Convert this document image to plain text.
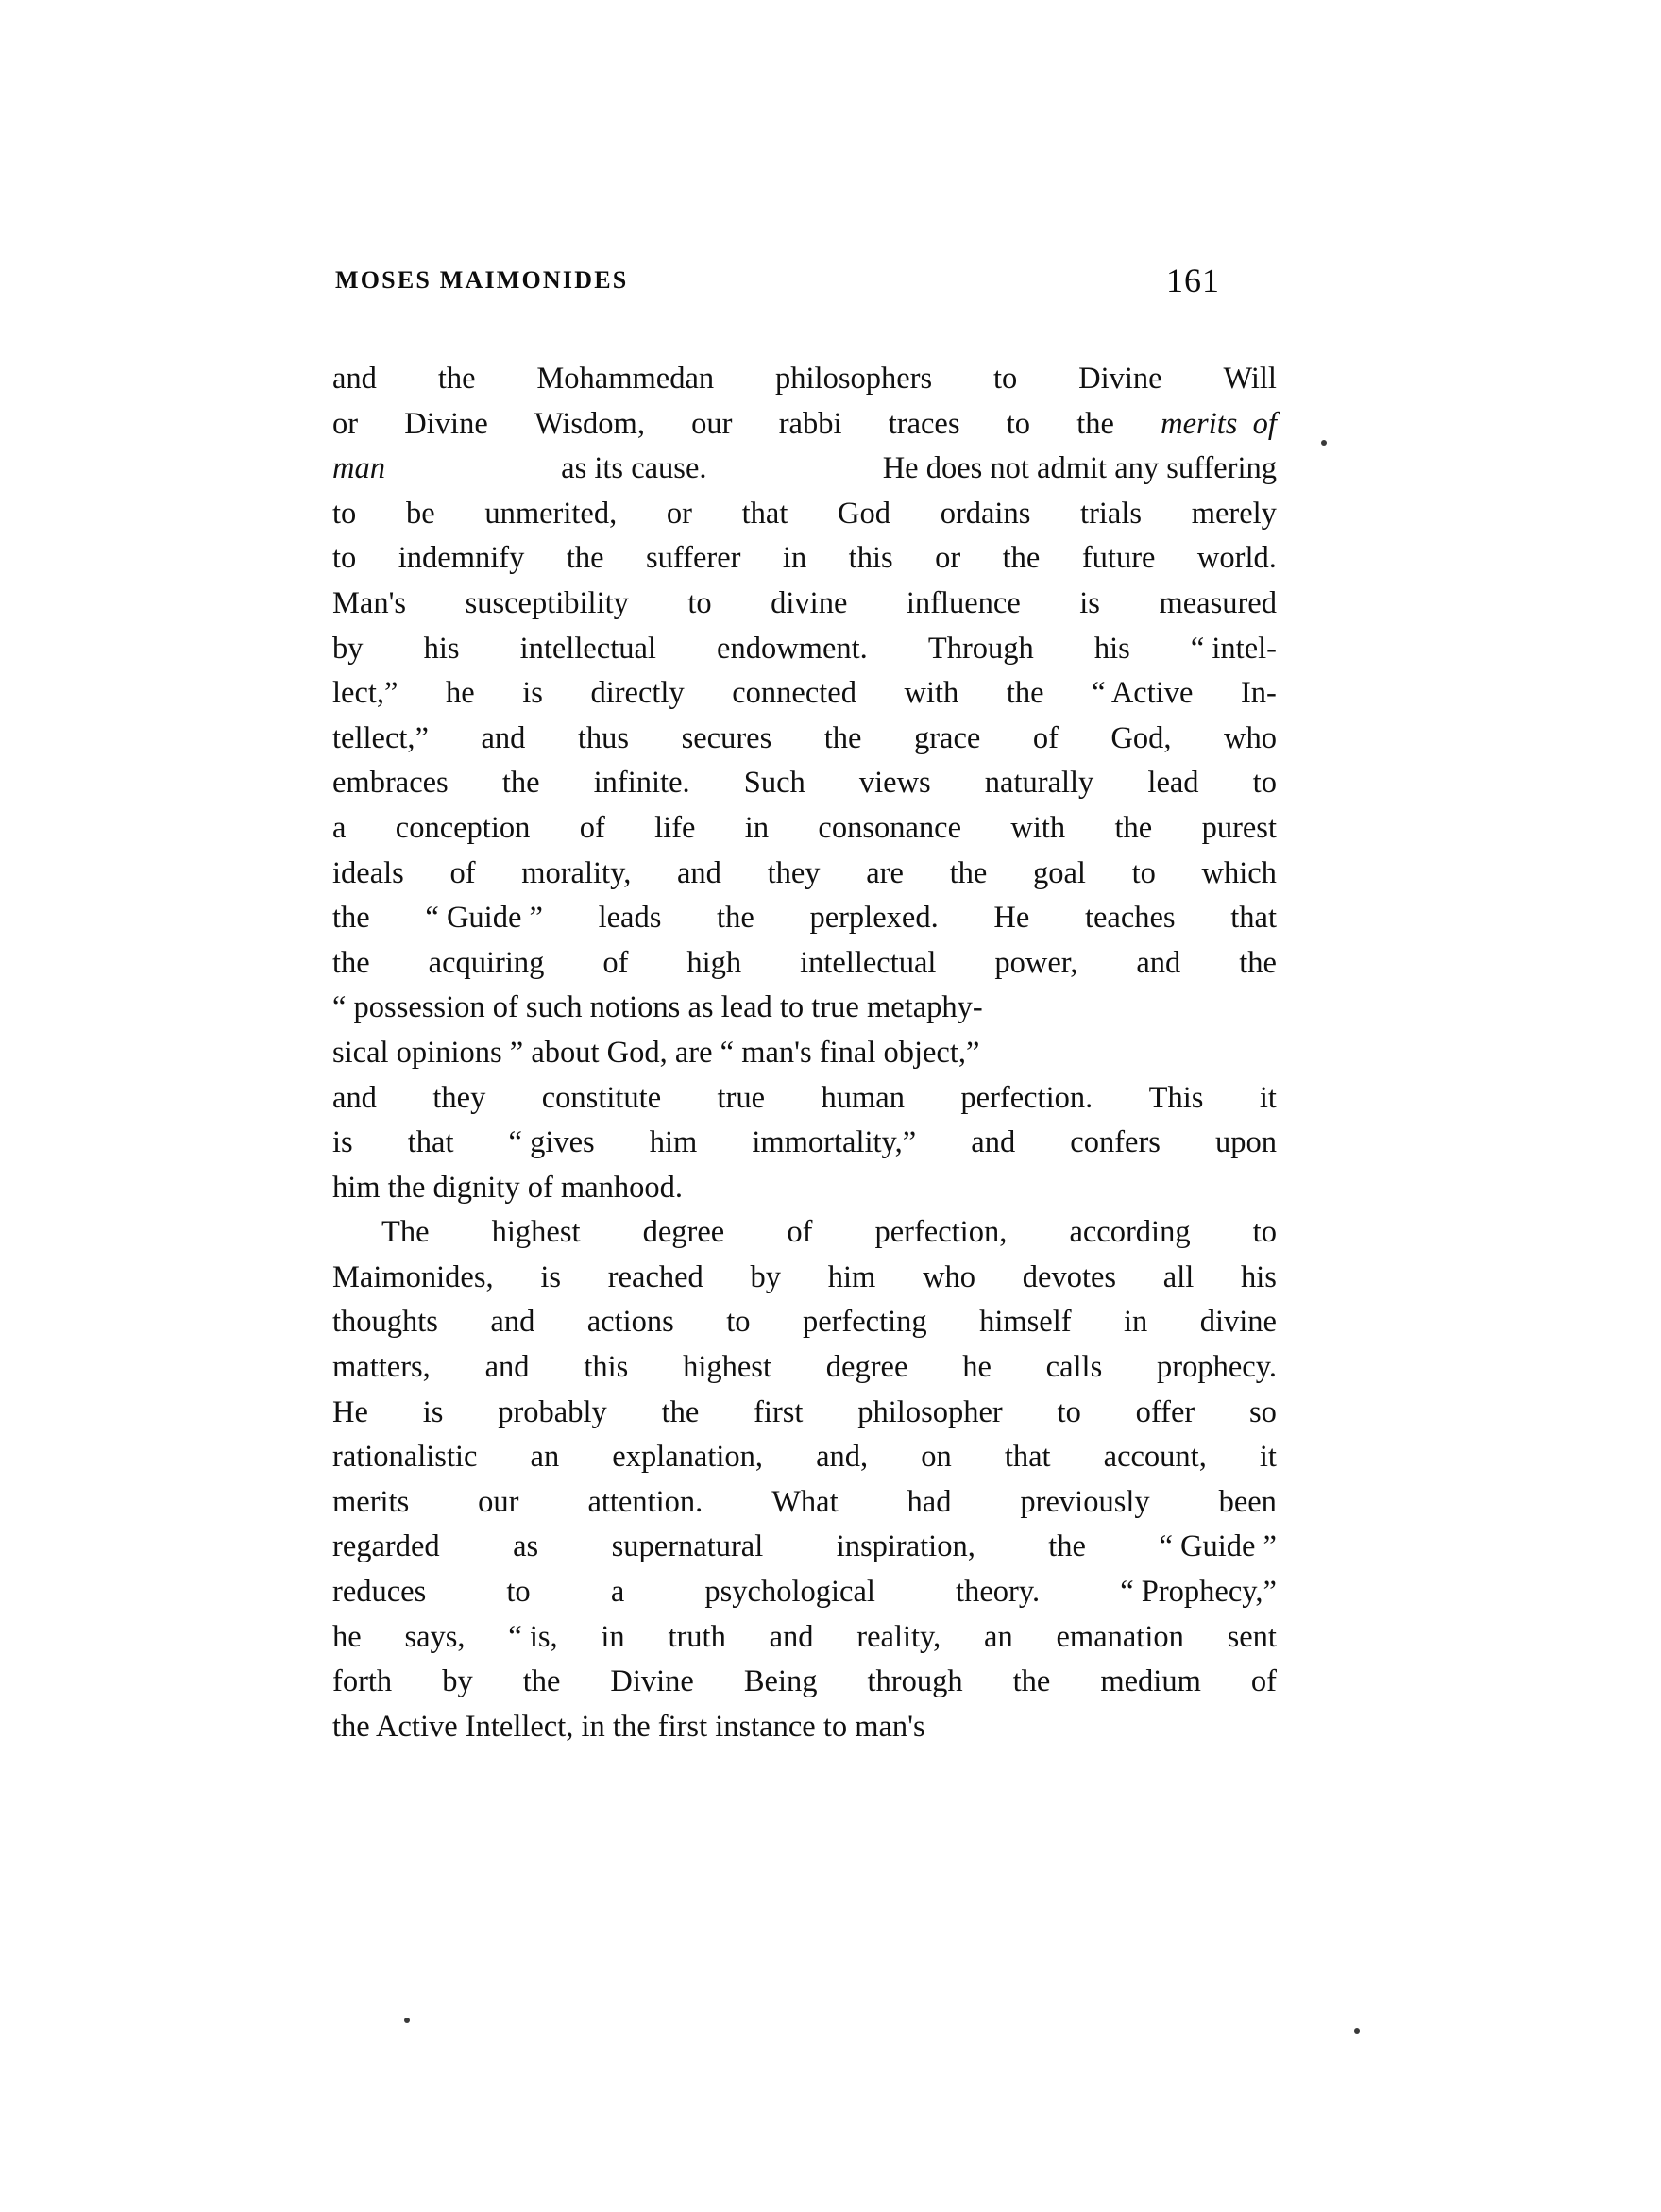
MOSES MAIMONIDES	161
and the Mohammedan philosophers to Divine Will
or Divine Wisdom, our rabbi traces to the merits  of
man	as its cause.	He does not admit any suffering
to be unmerited, or that God ordains trials merely
to indemnify the sufferer in this or the future world.
Man's susceptibility to divine influence is measured
by his intellectual endowment. Through his “ intel-
lect,” he is directly connected with the “ Active In-
tellect,” and thus secures the grace of God, who
embraces the infinite. Such views naturally lead to
a conception of life in consonance with the purest
ideals of morality, and they are the goal to which
the “ Guide ” leads the perplexed. He teaches that
the acquiring of high intellectual power, and the
“ possession of such notions as lead to true metaphy-
sical opinions ” about God, are “ man's final object,”
and they constitute true human perfection. This it
is that “ gives him immortality,” and confers upon
him the dignity of manhood.
The highest degree of perfection, according to
Maimonides, is reached by him who devotes all his
thoughts and actions to perfecting himself in divine
matters, and this highest degree he calls prophecy.
He is probably the first philosopher to offer so
rationalistic an explanation, and, on that account, it
merits our attention. What had previously been
regarded as supernatural inspiration, the “ Guide ”
reduces	to	a	psychological	theory.	“ Prophecy,”
he says, “ is, in truth and reality, an emanation sent
forth by the Divine Being through the medium of
the Active Intellect, in the first instance to man's
